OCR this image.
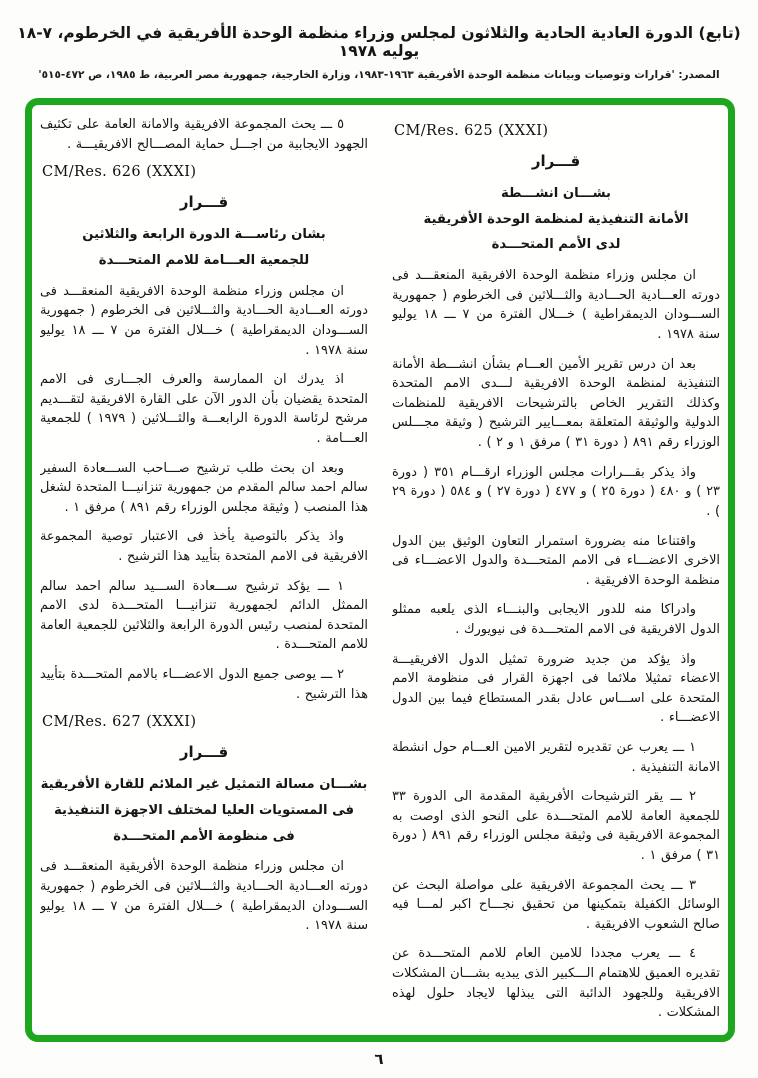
(تابع) الدورة العادية الحادية والثلاثون لمجلس وزراء منظمة الوحدة الأفريقية في الخرطوم، ٧-١٨ يوليه ١٩٧٨
المصدر: 'قرارات وتوصيات وبيانات منظمة الوحدة الأفريقية ١٩٦٣-١٩٨٣، وزارة الخارجية، جمهورية مصر العربية، ط ١٩٨٥، ص ٤٧٢-٥١٥'
CM/Res. 625 (XXXI)
قـــرار
بشـــان انشـــطة
الأمانة التنفيذية لمنظمة الوحدة الأفريقية
لدى الأمم المتحـــدة

ان مجلس وزراء منظمة الوحدة الافريقية المنعقـــد فى دورته العـــادية الحـــادية والثـــلاثين فى الخرطوم ( جمهورية الســـودان الديمقراطية ) خـــلال الفترة من ٧ ـــ ١٨ يوليو سنة ١٩٧٨ .

بعد ان درس تقرير الأمين العـــام بشأن انشـــطة الأمانة التنفيذية لمنظمة الوحدة الافريقية لـــدى الامم المتحدة وكذلك التقرير الخاص بالترشيحات الافريقية للمنظمات الدولية والوثيقة المتعلقة بمعـــايير الترشيح ( وثيقة مجـــلس الوزراء رقم ٨٩١ ( دورة ٣١ ) مرفق ١ و ٢ ) .

واذ يذكر بقـــرارات مجلس الوزراء ارقـــام ٣٥١ ( دورة ٢٣ ) و ٤٨٠ ( دورة ٢٥ ) و ٤٧٧ ( دورة ٢٧ ) و ٥٨٤ ( دورة ٢٩ ) .

واقتناعا منه بضرورة استمرار التعاون الوثيق بين الدول الاخرى الاعضـــاء فى الامم المتحـــدة والدول الاعضـــاء فى منظمة الوحدة الافريقية .

وادراكا منه للدور الايجابى والبنـــاء الذى يلعبه ممثلو الدول الافريقية فى الامم المتحـــدة فى نيويورك .

واذ يؤكد من جديد ضرورة تمثيل الدول الافريقيـــة الاعضاء تمثيلا ملائما فى اجهزة القرار فى منظومة الامم المتحدة على اســـاس عادل بقدر المستطاع فيما بين الدول الاعضـــاء .

١ ـــ يعرب عن تقديره لتقرير الامين العـــام حول انشطة الامانة التنفيذية .

٢ ـــ يقر الترشيحات الأفريقية المقدمة الى الدورة ٣٣ للجمعية العامة للامم المتحـــدة على النحو الذى اوصت به المجموعة الافريقية فى وثيقة مجلس الوزراء رقم ٨٩١ ( دورة ٣١ ) مرفق ١ .

٣ ـــ يحث المجموعة الافريقية على مواصلة البحث عن الوسائل الكفيلة بتمكينها من تحقيق نجـــاح اكبر لمـــا فيه صالح الشعوب الافريقية .

٤ ـــ يعرب مجددا للامين العام للامم المتحـــدة عن تقديره العميق للاهتمام الـــكبير الذى يبديه بشـــان المشكلات الافريقية وللجهود الدائبة التى يبذلها لايجاد حلول لهذه المشكلات .

٥ ـــ يحث المجموعة الافريقية والامانة العامة على تكثيف الجهود الايجابية من اجـــل حماية المصـــالح الافريقيـــة .

CM/Res. 626 (XXXI)
قـــرار
بشان رئاســـة الدورة الرابعة والثلاثين
للجمعية العـــامة للامم المتحـــدة

ان مجلس وزراء منظمة الوحدة الافريقية المنعقـــد فى دورته العـــادية الحـــادية والثـــلاثين فى الخرطوم ( جمهورية الســـودان الديمقراطية ) خـــلال الفترة من ٧ ـــ ١٨ يوليو سنة ١٩٧٨ .

اذ يدرك ان الممارسة والعرف الجـــارى فى الامم المتحدة يقضيان بأن الدور الآن على القارة الافريقية لتقـــديم مرشح لرئاسة الدورة الرابعـــة والثـــلاثين ( ١٩٧٩ ) للجمعية العـــامة .

وبعد ان بحث طلب ترشيح صـــاحب الســـعادة السفير سالم احمد سالم المقدم من جمهورية تنزانيـــا المتحدة لشغل هذا المنصب ( وثيقة مجلس الوزراء رقم ٨٩١ ) مرفق ١ .

واذ يذكر بالتوصية يأخذ فى الاعتبار توصية المجموعة الافريقية فى الامم المتحدة بتأييد هذا الترشيح .

١ ـــ يؤكد ترشيح ســـعادة الســـيد سالم احمد سالم الممثل الدائم لجمهورية تنزانيـــا المتحـــدة لدى الامم المتحدة لمنصب رئيس الدورة الرابعة والثلاثين للجمعية العامة للامم المتحـــدة .

٢ ـــ يوصى جميع الدول الاعضـــاء بالامم المتحـــدة بتأييد هذا الترشيح .

CM/Res. 627 (XXXI)
قـــرار
بشـــان مسالة التمثيل غير الملائم للقارة الأفريقية
فى المستويات العليا لمختلف الاجهزة التنفيذية
فى منظومة الأمم المتحـــدة

ان مجلس وزراء منظمة الوحدة الأفريقية المنعقـــد فى دورته العـــادية الحـــادية والثـــلاثين فى الخرطوم ( جمهورية الســـودان الديمقراطية ) خـــلال الفترة من ٧ ـــ ١٨ يوليو سنة ١٩٧٨ .

٦
